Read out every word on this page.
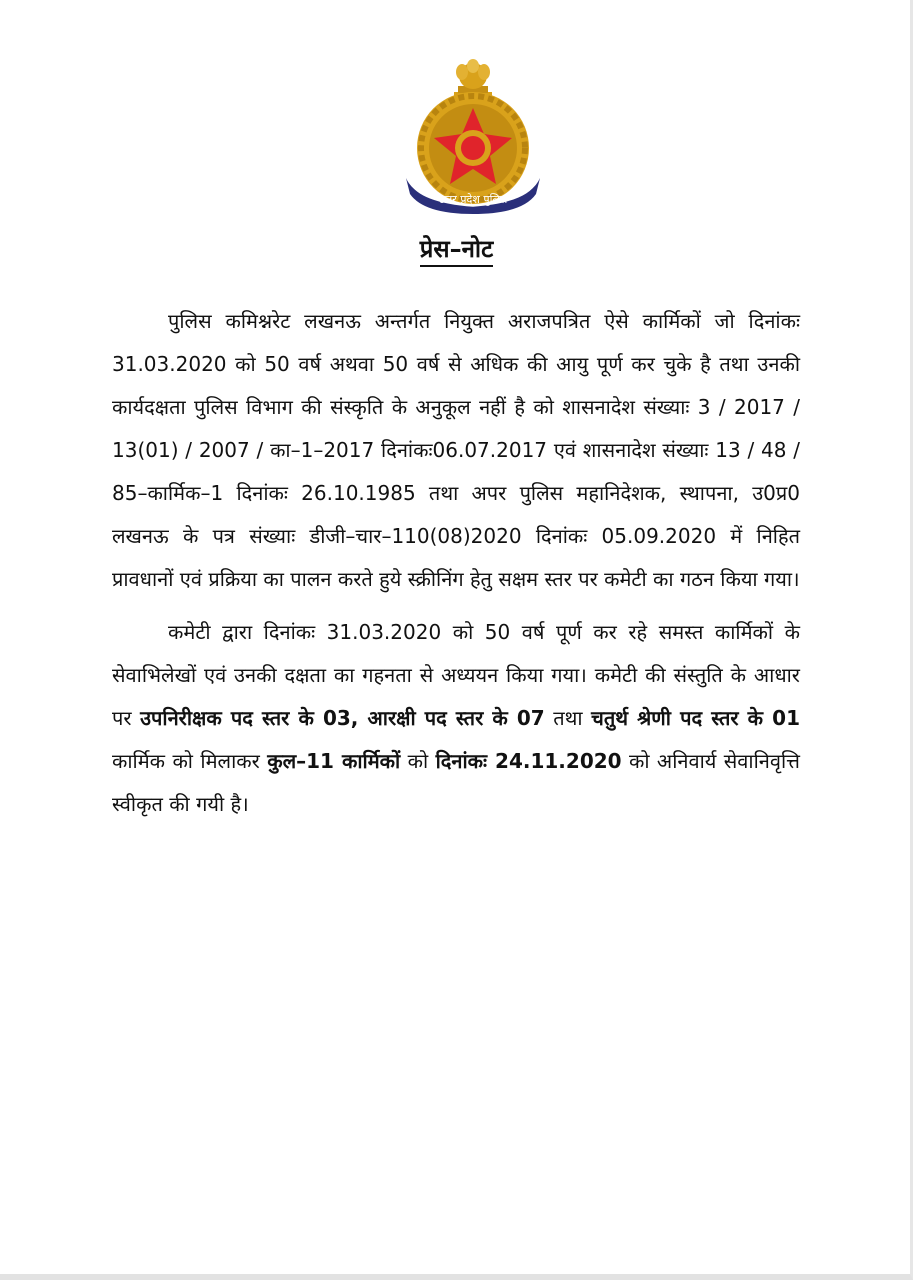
उत्तर प्रदेश पुलिस
प्रेस–नोट

पुलिस कमिश्नरेट लखनऊ अन्तर्गत नियुक्त अराजपत्रित ऐसे कार्मिकों जो दिनांकः 31.03.2020 को 50 वर्ष अथवा 50 वर्ष से अधिक की आयु पूर्ण कर चुके है तथा उनकी कार्यदक्षता पुलिस विभाग की संस्कृति के अनुकूल नहीं है को शासनादेश संख्याः 3 / 2017 / 13(01) / 2007 / का–1–2017 दिनांकः06.07.2017 एवं शासनादेश संख्याः 13 / 48 / 85–कार्मिक–1 दिनांकः 26.10.1985 तथा अपर पुलिस महानिदेशक, स्थापना, उ0प्र0 लखनऊ के पत्र संख्याः डीजी–चार–110(08)2020 दिनांकः 05.09.2020 में निहित प्रावधानों एवं प्रक्रिया का पालन करते हुये स्क्रीनिंग हेतु सक्षम स्तर पर कमेटी का गठन किया गया।

कमेटी द्वारा दिनांकः 31.03.2020 को 50 वर्ष पूर्ण कर रहे समस्त कार्मिकों के सेवाभिलेखों एवं उनकी दक्षता का गहनता से अध्ययन किया गया। कमेटी की संस्तुति के आधार पर उपनिरीक्षक पद स्तर के 03, आरक्षी पद स्तर के 07 तथा चतुर्थ श्रेणी पद स्तर के 01 कार्मिक को मिलाकर कुल–11 कार्मिकों को दिनांकः 24.11.2020 को अनिवार्य सेवानिवृत्ति स्वीकृत की गयी है।
